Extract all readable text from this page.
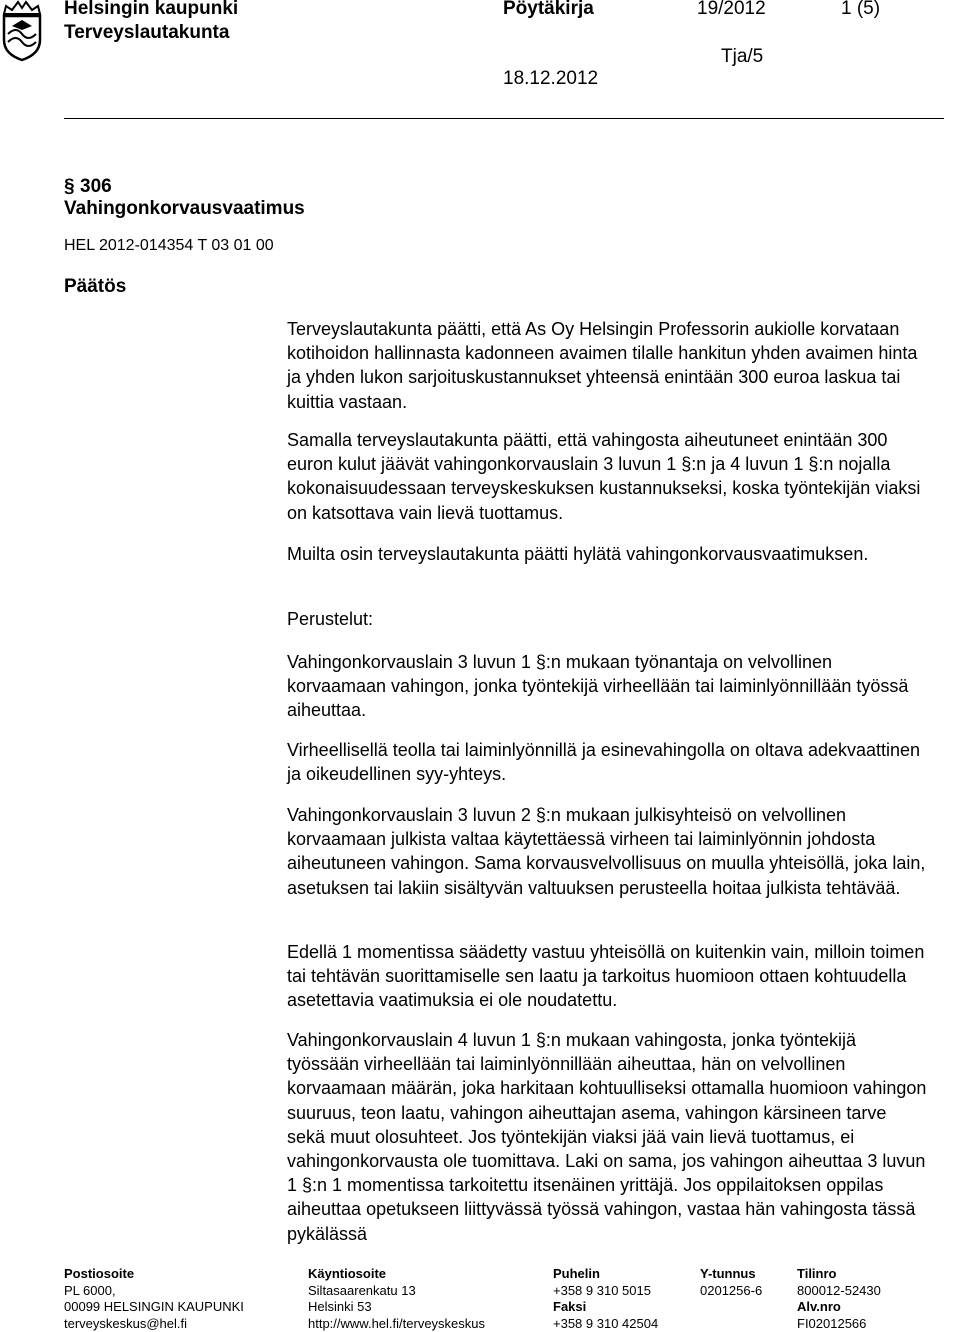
Helsingin kaupunki
Terveyslautakunta
Pöytäkirja	19/2012	1 (5)
Tja/5
18.12.2012
§ 306
Vahingonkorvausvaatimus
HEL 2012-014354 T 03 01 00
Päätös

Terveyslautakunta päätti, että As Oy Helsingin Professorin aukiolle korvataan kotihoidon hallinnasta kadonneen avaimen tilalle hankitun yhden avaimen hinta ja yhden lukon sarjoituskustannukset yhteensä enintään 300 euroa laskua tai kuittia vastaan.

Samalla terveyslautakunta päätti, että vahingosta aiheutuneet enintään 300 euron kulut jäävät vahingonkorvauslain 3 luvun 1 §:n ja 4 luvun 1 §:n nojalla kokonaisuudessaan terveyskeskuksen kustannukseksi, koska työntekijän viaksi on katsottava vain lievä tuottamus.

Muilta osin terveyslautakunta päätti hylätä vahingonkorvausvaatimuksen.

Perustelut:

Vahingonkorvauslain 3 luvun 1 §:n mukaan työnantaja on velvollinen korvaamaan vahingon, jonka työntekijä virheellään tai laiminlyönnillään työssä aiheuttaa.

Virheellisellä teolla tai laiminlyönnillä ja esinevahingolla on oltava adekvaattinen ja oikeudellinen syy-yhteys.

Vahingonkorvauslain 3 luvun 2 §:n mukaan julkisyhteisö on velvollinen korvaamaan julkista valtaa käytettäessä virheen tai laiminlyönnin johdosta aiheutuneen vahingon. Sama korvausvelvollisuus on muulla yhteisöllä, joka lain, asetuksen tai lakiin sisältyvän valtuuksen perusteella hoitaa julkista tehtävää.

Edellä 1 momentissa säädetty vastuu yhteisöllä on kuitenkin vain, milloin toimen tai tehtävän suorittamiselle sen laatu ja tarkoitus huomioon ottaen kohtuudella asetettavia vaatimuksia ei ole noudatettu.

Vahingonkorvauslain 4 luvun 1 §:n mukaan vahingosta, jonka työntekijä työssään virheellään tai laiminlyönnillään aiheuttaa, hän on velvollinen korvaamaan määrän, joka harkitaan kohtuulliseksi ottamalla huomioon vahingon suuruus, teon laatu, vahingon aiheuttajan asema, vahingon kärsineen tarve sekä muut olosuhteet. Jos työntekijän viaksi jää vain lievä tuottamus, ei vahingonkorvausta ole tuomittava. Laki on sama, jos vahingon aiheuttaa 3 luvun 1 §:n 1 momentissa tarkoitettu itsenäinen yrittäjä. Jos oppilaitoksen oppilas aiheuttaa opetukseen liittyvässä työssä vahingon, vastaa hän vahingosta tässä pykälässä

Postiosoite
PL 6000,
00099 HELSINGIN KAUPUNKI
terveyskeskus@hel.fi
Käyntiosoite
Siltasaarenkatu 13
Helsinki 53
http://www.hel.fi/terveyskeskus
Puhelin
+358 9 310 5015
Faksi
+358 9 310 42504
Y-tunnus
0201256-6
Tilinro
800012-52430
Alv.nro
FI02012566
